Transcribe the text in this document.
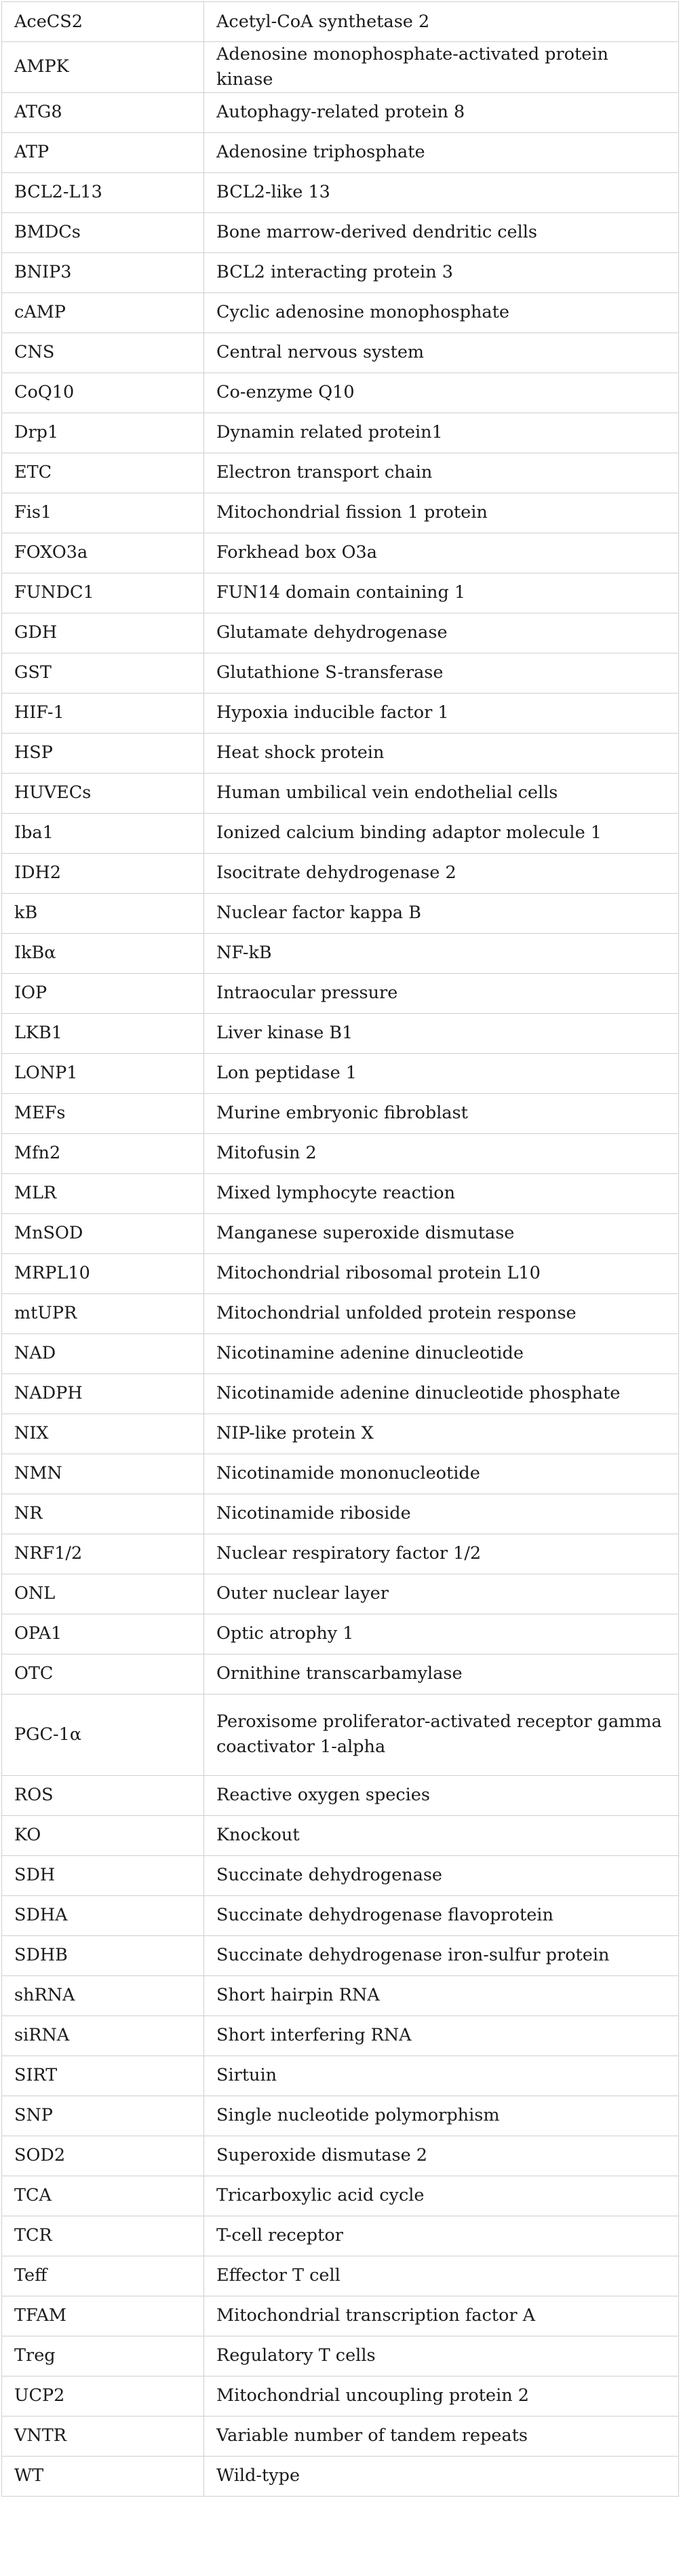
AceCS2	Acetyl-CoA synthetase 2
AMPK	Adenosine monophosphate-activated protein kinase
ATG8	Autophagy-related protein 8
ATP	Adenosine triphosphate
BCL2-L13	BCL2-like 13
BMDCs	Bone marrow-derived dendritic cells
BNIP3	BCL2 interacting protein 3
cAMP	Cyclic adenosine monophosphate
CNS	Central nervous system
CoQ10	Co-enzyme Q10
Drp1	Dynamin related protein1
ETC	Electron transport chain
Fis1	Mitochondrial fission 1 protein
FOXO3a	Forkhead box O3a
FUNDC1	FUN14 domain containing 1
GDH	Glutamate dehydrogenase
GST	Glutathione S-transferase
HIF-1	Hypoxia inducible factor 1
HSP	Heat shock protein
HUVECs	Human umbilical vein endothelial cells
Iba1	Ionized calcium binding adaptor molecule 1
IDH2	Isocitrate dehydrogenase 2
kB	Nuclear factor kappa B
IkBα	NF-kB
IOP	Intraocular pressure
LKB1	Liver kinase B1
LONP1	Lon peptidase 1
MEFs	Murine embryonic fibroblast
Mfn2	Mitofusin 2
MLR	Mixed lymphocyte reaction
MnSOD	Manganese superoxide dismutase
MRPL10	Mitochondrial ribosomal protein L10
mtUPR	Mitochondrial unfolded protein response
NAD	Nicotinamine adenine dinucleotide
NADPH	Nicotinamide adenine dinucleotide phosphate
NIX	NIP-like protein X
NMN	Nicotinamide mononucleotide
NR	Nicotinamide riboside
NRF1/2	Nuclear respiratory factor 1/2
ONL	Outer nuclear layer
OPA1	Optic atrophy 1
OTC	Ornithine transcarbamylase
PGC-1α	Peroxisome proliferator-activated receptor gamma coactivator 1-alpha
ROS	Reactive oxygen species
KO	Knockout
SDH	Succinate dehydrogenase
SDHA	Succinate dehydrogenase flavoprotein
SDHB	Succinate dehydrogenase iron-sulfur protein
shRNA	Short hairpin RNA
siRNA	Short interfering RNA
SIRT	Sirtuin
SNP	Single nucleotide polymorphism
SOD2	Superoxide dismutase 2
TCA	Tricarboxylic acid cycle
TCR	T-cell receptor
Teff	Effector T cell
TFAM	Mitochondrial transcription factor A
Treg	Regulatory T cells
UCP2	Mitochondrial uncoupling protein 2
VNTR	Variable number of tandem repeats
WT	Wild-type
